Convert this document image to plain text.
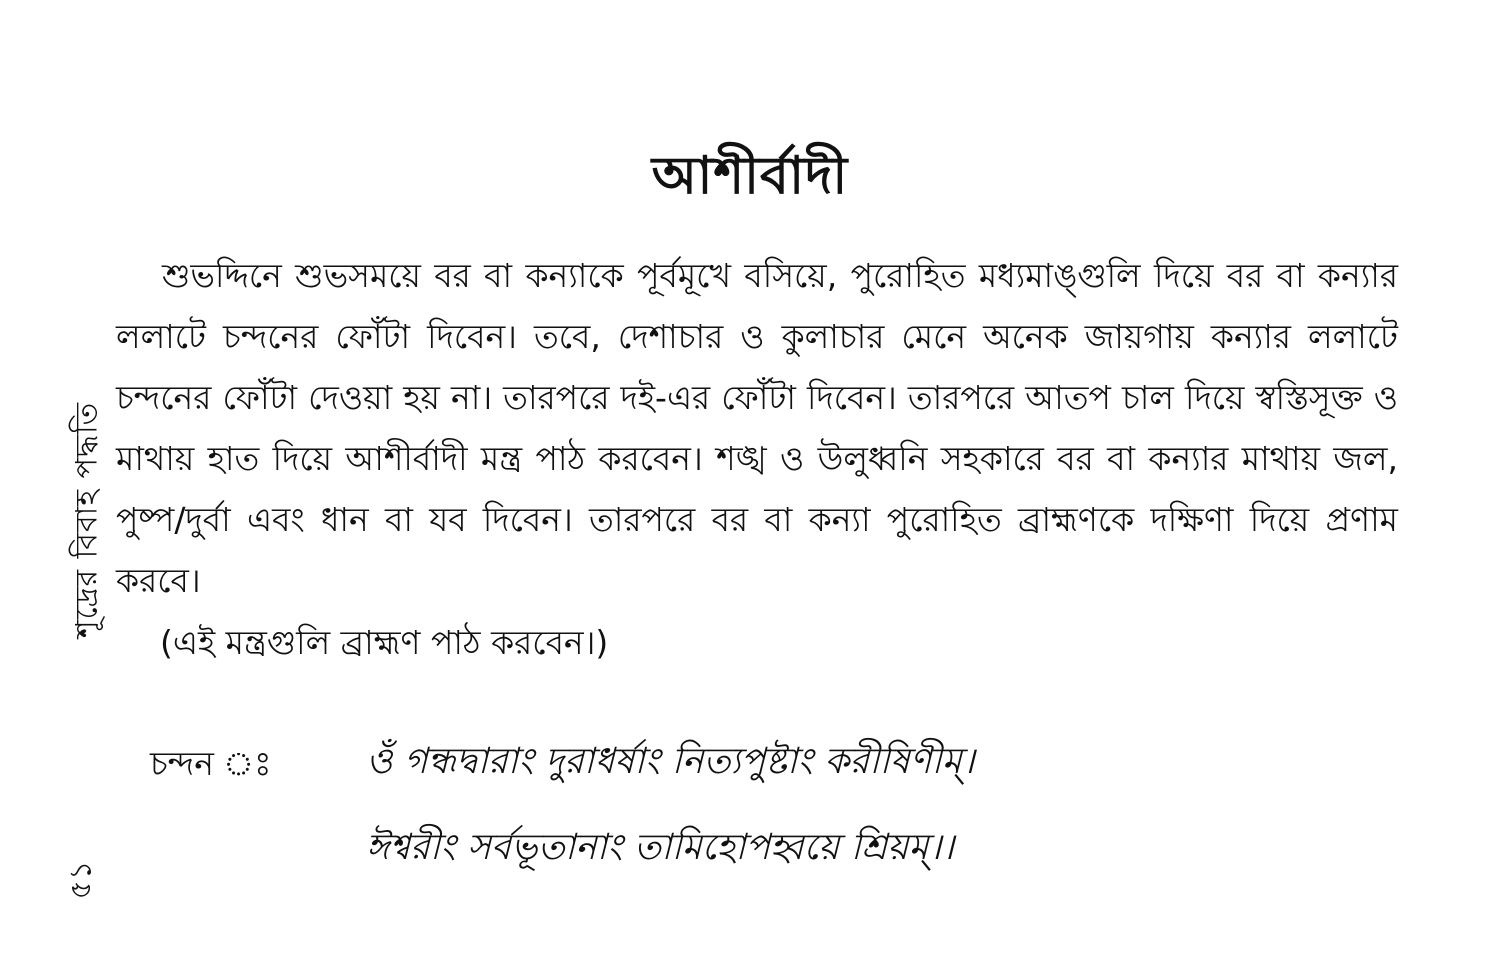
শূদ্রের বিবাহ পদ্ধতি
আশীর্বাদী
শুভদ্দিনে শুভসময়ে বর বা কন্যাকে পূর্বমূখে বসিয়ে, পুরোহিত মধ্যমাঙ্গুলি দিয়ে বর বা কন্যার ললাটে চন্দনের ফোঁটা দিবেন। তবে, দেশাচার ও কুলাচার মেনে অনেক জায়গায় কন্যার ললাটে চন্দনের ফোঁটা দেওয়া হয় না। তারপরে দই-এর ফোঁটা দিবেন। তারপরে আতপ চাল দিয়ে স্বস্তিসূক্ত ও মাথায় হাত দিয়ে আশীর্বাদী মন্ত্র পাঠ করবেন। শঙ্খ ও উলুধ্বনি সহকারে বর বা কন্যার মাথায় জল, পুষ্প/দুর্বা এবং ধান বা যব দিবেন। তারপরে বর বা কন্যা পুরোহিত ব্রাহ্মণকে দক্ষিণা দিয়ে প্রণাম করবে।
(এই মন্ত্রগুলি ব্রাহ্মণ পাঠ করবেন।)
চন্দন ঃ	ওঁ গন্ধদ্বারাং দুরাধর্ষাং নিত্যপুষ্টাং করীষিণীম্।
ঈশ্বরীং সর্বভূতানাং তামিহোপহ্বয়ে শ্রিয়ম্।।
৫১
